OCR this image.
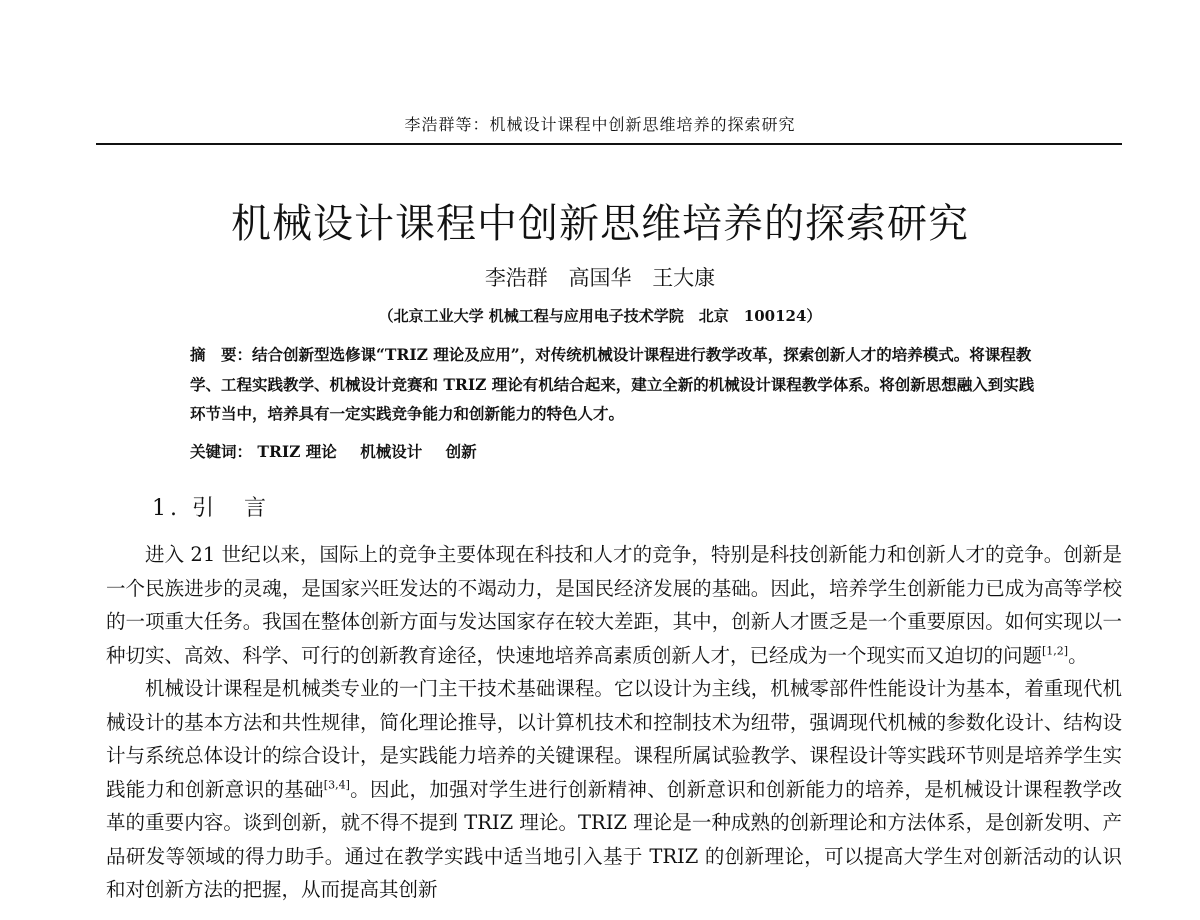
李浩群等：机械设计课程中创新思维培养的探索研究
机械设计课程中创新思维培养的探索研究
李浩群 高国华 王大康
（北京工业大学 机械工程与应用电子技术学院　北京　100124）

摘　要：结合创新型选修课“TRIZ 理论及应用”，对传统机械设计课程进行教学改革，探索创新人才的培养模式。将课程教学、工程实践教学、机械设计竞赛和 TRIZ 理论有机结合起来，建立全新的机械设计课程教学体系。将创新思想融入到实践环节当中，培养具有一定实践竞争能力和创新能力的特色人才。

关键词： TRIZ 理论 机械设计 创新
1. 引　言

进入 21 世纪以来，国际上的竞争主要体现在科技和人才的竞争，特别是科技创新能力和创新人才的竞争。创新是一个民族进步的灵魂，是国家兴旺发达的不竭动力，是国民经济发展的基础。因此，培养学生创新能力已成为高等学校的一项重大任务。我国在整体创新方面与发达国家存在较大差距，其中，创新人才匮乏是一个重要原因。如何实现以一种切实、高效、科学、可行的创新教育途径，快速地培养高素质创新人才，已经成为一个现实而又迫切的问题[1,2]。

机械设计课程是机械类专业的一门主干技术基础课程。它以设计为主线，机械零部件性能设计为基本，着重现代机械设计的基本方法和共性规律，简化理论推导，以计算机技术和控制技术为纽带，强调现代机械的参数化设计、结构设计与系统总体设计的综合设计，是实践能力培养的关键课程。课程所属试验教学、课程设计等实践环节则是培养学生实践能力和创新意识的基础[3,4]。因此，加强对学生进行创新精神、创新意识和创新能力的培养，是机械设计课程教学改革的重要内容。谈到创新，就不得不提到 TRIZ 理论。TRIZ 理论是一种成熟的创新理论和方法体系，是创新发明、产品研发等领域的得力助手。通过在教学实践中适当地引入基于 TRIZ 的创新理论，可以提高大学生对创新活动的认识和对创新方法的把握，从而提高其创新
